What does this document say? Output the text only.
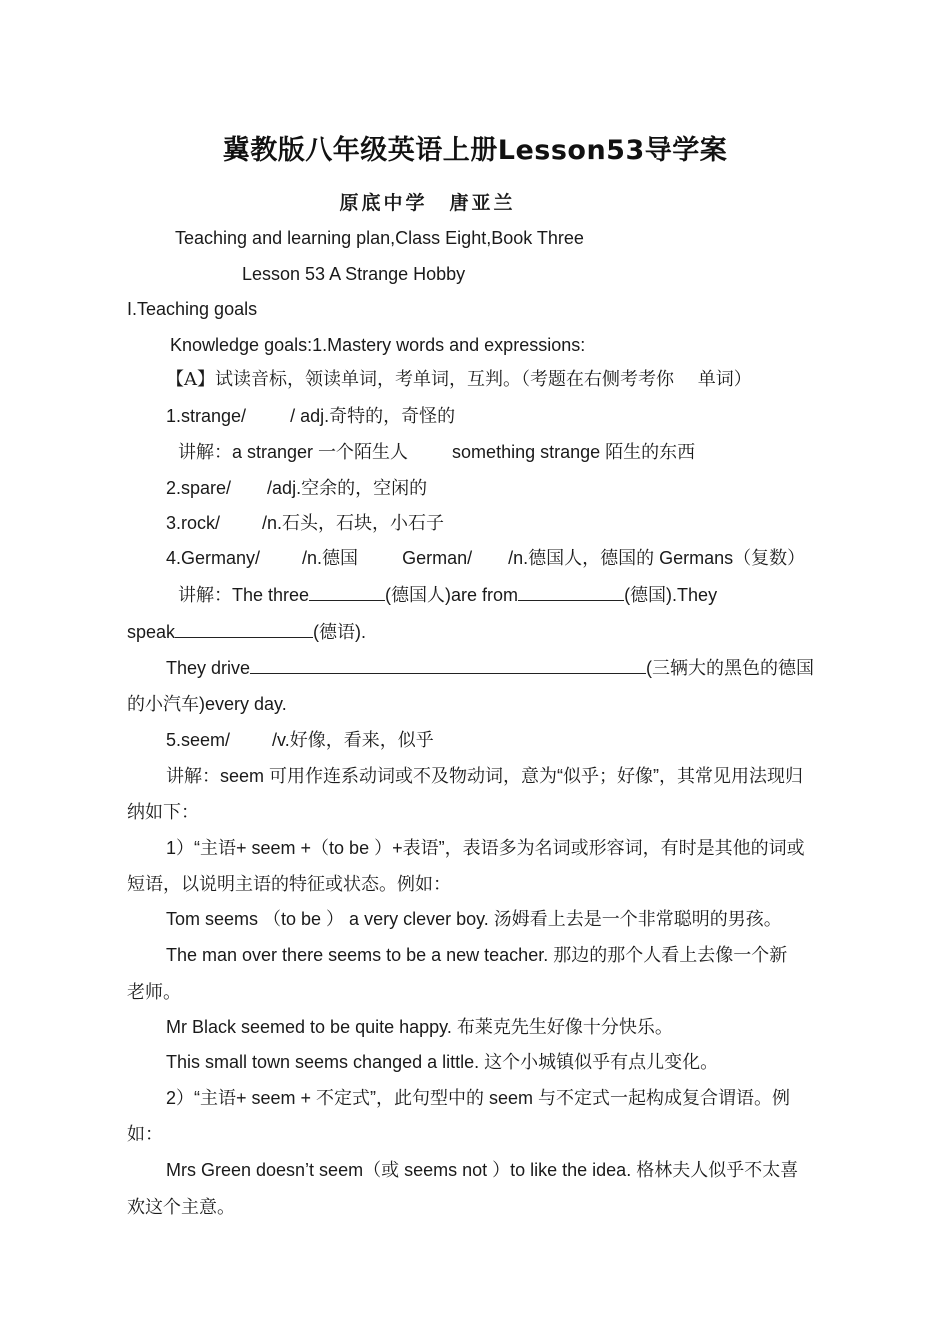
冀教版八年级英语上册Lesson53导学案
原底中学　唐亚兰
Teaching and learning plan,Class Eight,Book Three
Lesson 53 A Strange Hobby
I.Teaching goals
Knowledge goals:1.Mastery words and expressions:
【A】试读音标，领读单词，考单词，互判。（考题在右侧考考你　 单词）
1.strange/ / adj.奇特的，奇怪的
讲解：a stranger 一个陌生人 something strange 陌生的东西
2.spare/ /adj.空余的，空闲的
3.rock/ /n.石头，石块，小石子
4.Germany/ /n.德国 German/ /n.德国人，德国的 Germans（复数）
讲解：The three	(德国人)are from	(德国).They
speak	(德语).
They drive	(三辆大的黑色的德国
的小汽车)every day.
5.seem/ /v.好像，看来，似乎
讲解：seem 可用作连系动词或不及物动词，意为“似乎；好像”，其常见用法现归
纳如下：
1）“主语+ seem +（to be ）+表语”，表语多为名词或形容词，有时是其他的词或
短语，以说明主语的特征或状态。例如：
Tom seems （to be ） a very clever boy. 汤姆看上去是一个非常聪明的男孩。
The man over there seems to be a new teacher. 那边的那个人看上去像一个新
老师。
Mr Black seemed to be quite happy. 布莱克先生好像十分快乐。
This small town seems changed a little. 这个小城镇似乎有点儿变化。
2）“主语+ seem + 不定式”，此句型中的 seem 与不定式一起构成复合谓语。例
如：
Mrs Green doesn’t seem（或 seems not ）to like the idea. 格林夫人似乎不太喜
欢这个主意。
